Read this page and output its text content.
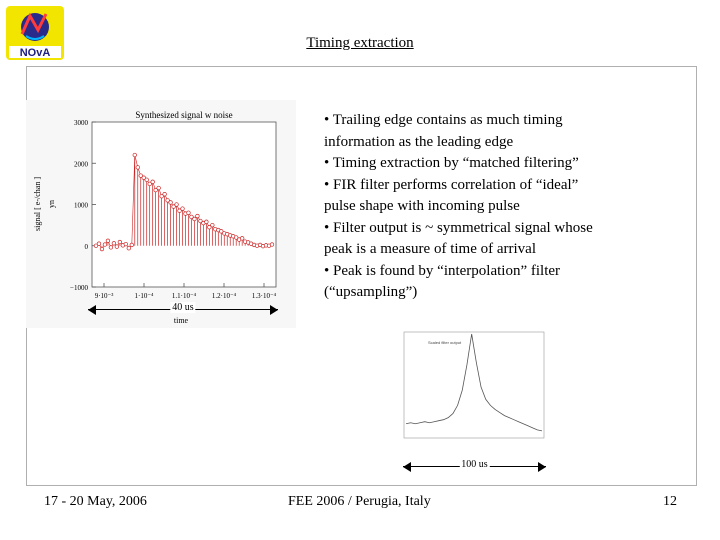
NOvA
Timing extraction
Synthesized signal w noise
signal [ e-/chan ] yn
time
3000
2000
1000
0
−1000
9·10⁻³	1·10⁻⁴	1.1·10⁻⁴ 1.2·10⁻⁴ 1.3·10⁻⁴
Scaled filter output
• Trailing edge contains as much timing
information as the leading edge
• Timing extraction by “matched filtering”
• FIR filter performs correlation of “ideal”
pulse shape with incoming pulse
• Filter output is ~ symmetrical signal whose
peak is a measure of time of arrival
• Peak is found by “interpolation” filter
(“upsampling”)
40 us
100 us
17 - 20 May, 2006	FEE 2006 / Perugia, Italy	12
